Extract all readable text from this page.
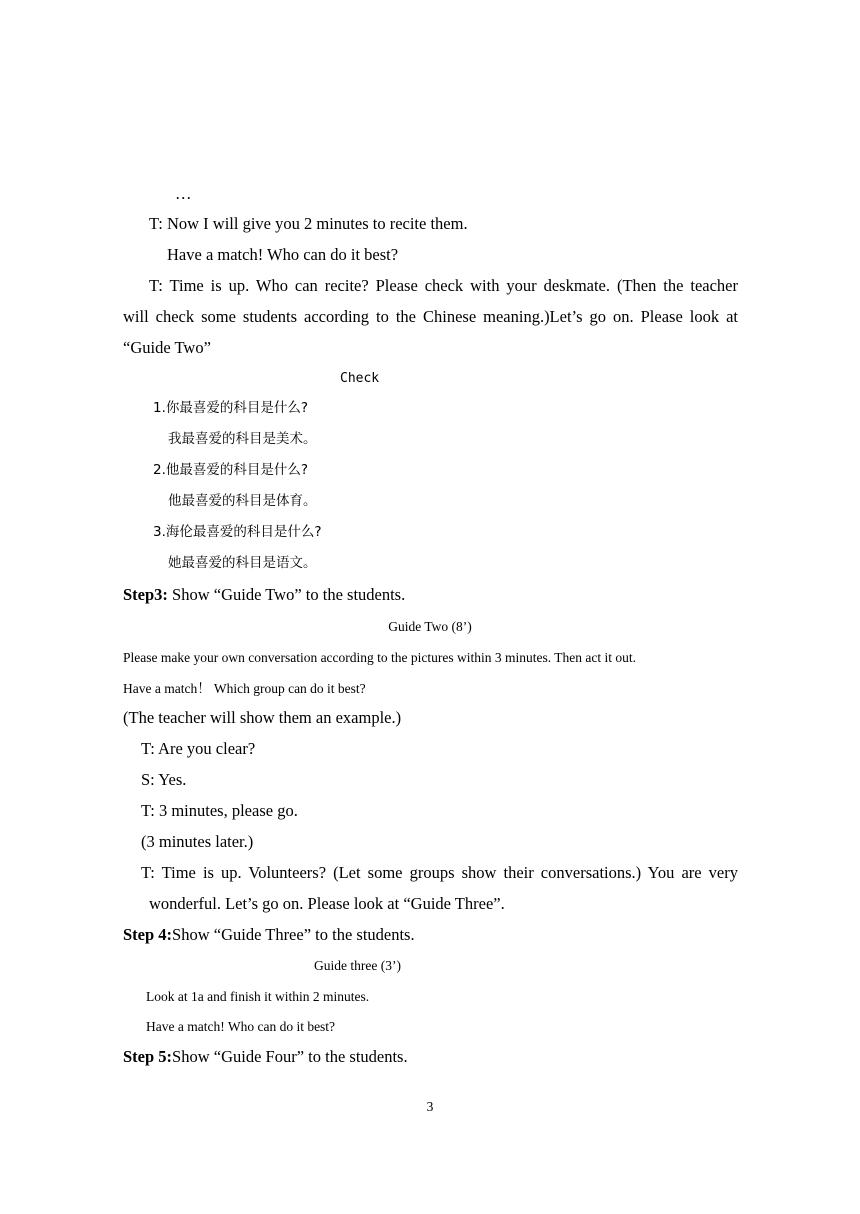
…
T: Now I will give you 2 minutes to recite them.
Have a match! Who can do it best?
T: Time is up. Who can recite? Please check with your deskmate. (Then the teacher
will check some students according to the Chinese meaning.)Let’s go on. Please look at
“Guide Two”
Check
1.你最喜爱的科目是什么?
我最喜爱的科目是美术。
2.他最喜爱的科目是什么?
他最喜爱的科目是体育。
3.海伦最喜爱的科目是什么?
她最喜爱的科目是语文。
Step3: Show “Guide Two” to the students.
Guide Two (8’)
Please make your own conversation according to the pictures within 3 minutes. Then act it out.
Have a match！ Which group can do it best?
(The teacher will show them an example.)
T: Are you clear?
S: Yes.
T: 3 minutes, please go.
(3 minutes later.)
T: Time is up. Volunteers? (Let some groups show their conversations.) You are very
wonderful. Let’s go on. Please look at “Guide Three”.
Step 4:Show “Guide Three” to the students.
Guide three (3’)
Look at 1a and finish it within 2 minutes.
Have a match! Who can do it best?
Step 5:Show “Guide Four” to the students.
3
